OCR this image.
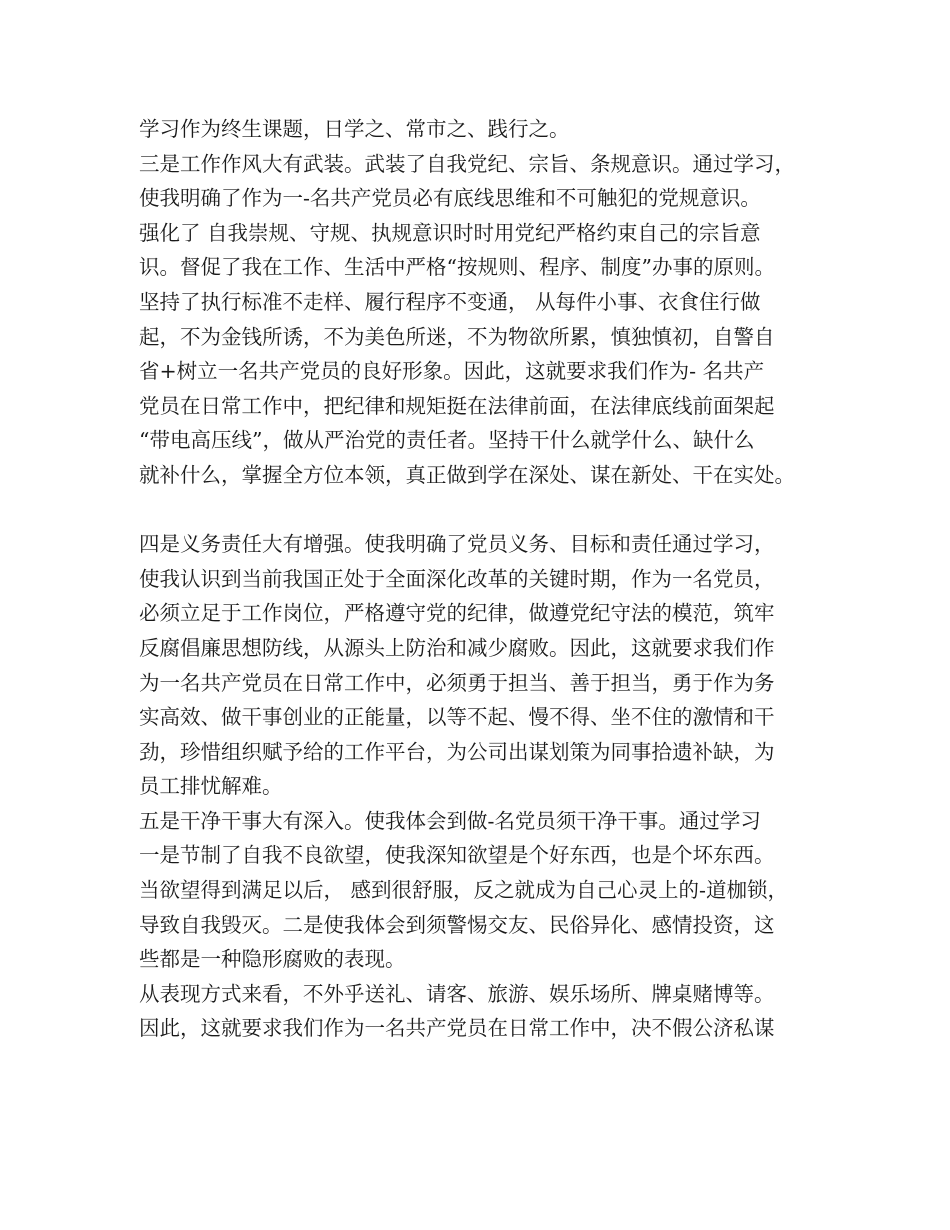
学习作为终生课题，日学之、常市之、践行之。
三是工作作风大有武装。武装了自我党纪、宗旨、条规意识。通过学习，
使我明确了作为一-名共产党员必有底线思维和不可触犯的党规意识。
强化了 自我崇规、守规、执规意识时时用党纪严格约束自己的宗旨意
识。督促了我在工作、生活中严格“按规则、程序、制度”办事的原则。
坚持了执行标准不走样、履行程序不变通， 从每件小事、衣食住行做
起，不为金钱所诱，不为美色所迷，不为物欲所累，慎独慎初，自警自
省+树立一名共产党员的良好形象。因此，这就要求我们作为- 名共产
党员在日常工作中，把纪律和规矩挺在法律前面，在法律底线前面架起
“带电高压线”，做从严治党的责任者。坚持干什么就学什么、缺什么
就补什么，掌握全方位本领，真正做到学在深处、谋在新处、干在实处。
四是义务责任大有增强。使我明确了党员义务、目标和责任通过学习，
使我认识到当前我国正处于全面深化改革的关键时期，作为一名党员，
必须立足于工作岗位，严格遵守党的纪律，做遵党纪守法的模范，筑牢
反腐倡廉思想防线，从源头上防治和减少腐败。因此，这就要求我们作
为一名共产党员在日常工作中，必须勇于担当、善于担当，勇于作为务
实高效、做干事创业的正能量，以等不起、慢不得、坐不住的激情和干
劲，珍惜组织赋予给的工作平台，为公司出谋划策为同事拾遗补缺，为
员工排忧解难。
五是干净干事大有深入。使我体会到做-名党员须干净干事。通过学习
一是节制了自我不良欲望，使我深知欲望是个好东西，也是个坏东西。
当欲望得到满足以后， 感到很舒服，反之就成为自己心灵上的-道枷锁，
导致自我毁灭。二是使我体会到须警惕交友、民俗异化、感情投资，这
些都是一种隐形腐败的表现。
从表现方式来看，不外乎送礼、请客、旅游、娱乐场所、牌桌赌博等。
因此，这就要求我们作为一名共产党员在日常工作中，决不假公济私谋
